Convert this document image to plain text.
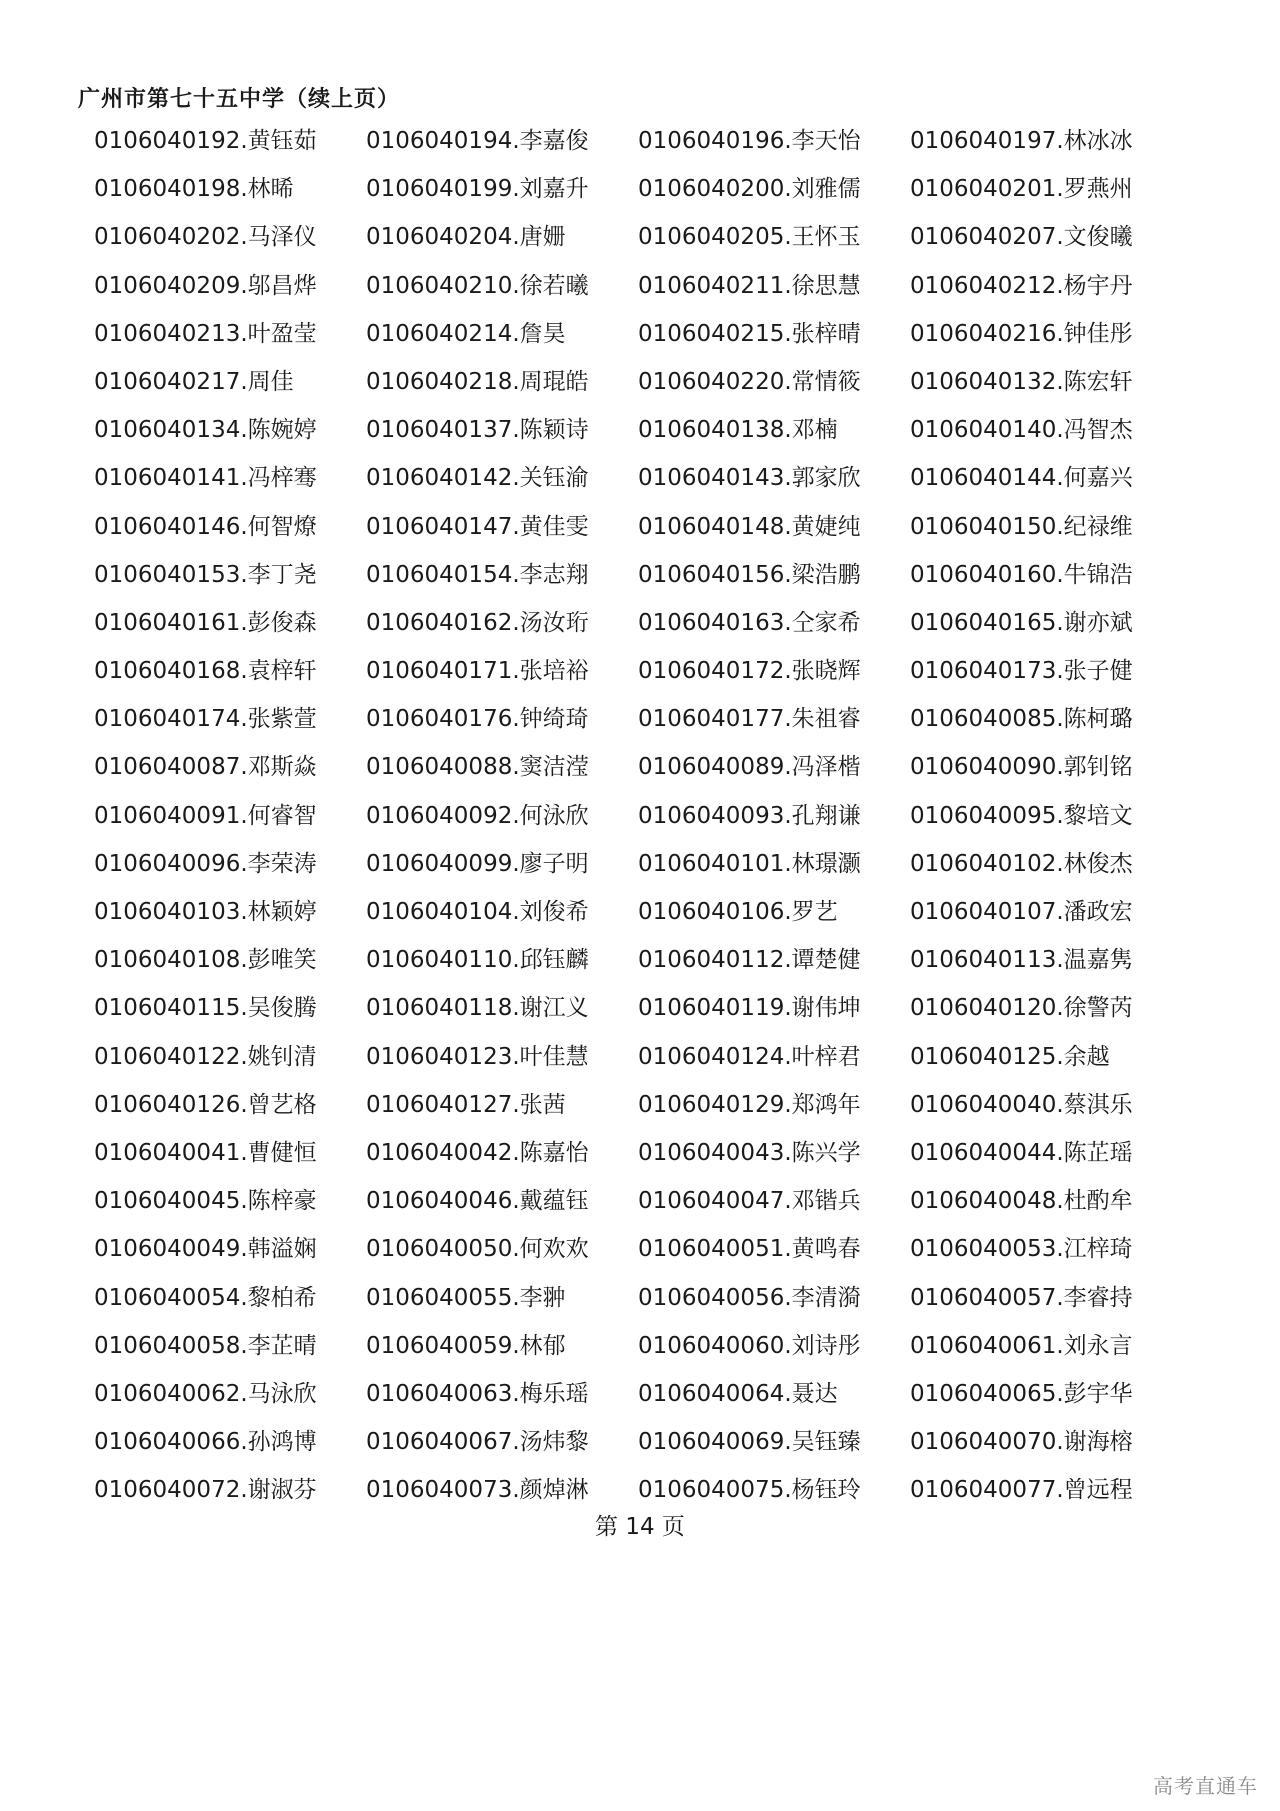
广州市第七十五中学（续上页）
0106040192.黄钰茹	0106040194.李嘉俊	0106040196.李天怡	0106040197.林冰冰
0106040198.林晞	0106040199.刘嘉升	0106040200.刘雅儒	0106040201.罗燕州
0106040202.马泽仪	0106040204.唐姗	0106040205.王怀玉	0106040207.文俊曦
0106040209.邬昌烨	0106040210.徐若曦	0106040211.徐思慧	0106040212.杨宇丹
0106040213.叶盈莹	0106040214.詹昊	0106040215.张梓晴	0106040216.钟佳彤
0106040217.周佳	0106040218.周琨皓	0106040220.常情筱	0106040132.陈宏轩
0106040134.陈婉婷	0106040137.陈颖诗	0106040138.邓楠	0106040140.冯智杰
0106040141.冯梓骞	0106040142.关钰渝	0106040143.郭家欣	0106040144.何嘉兴
0106040146.何智燎	0106040147.黄佳雯	0106040148.黄婕纯	0106040150.纪禄维
0106040153.李丁尧	0106040154.李志翔	0106040156.梁浩鹏	0106040160.牛锦浩
0106040161.彭俊森	0106040162.汤汝珩	0106040163.仝家希	0106040165.谢亦斌
0106040168.袁梓轩	0106040171.张培裕	0106040172.张晓辉	0106040173.张子健
0106040174.张紫萱	0106040176.钟绮琦	0106040177.朱祖睿	0106040085.陈柯璐
0106040087.邓斯焱	0106040088.窦洁滢	0106040089.冯泽楷	0106040090.郭钊铭
0106040091.何睿智	0106040092.何泳欣	0106040093.孔翔谦	0106040095.黎培文
0106040096.李荣涛	0106040099.廖子明	0106040101.林璟灏	0106040102.林俊杰
0106040103.林颖婷	0106040104.刘俊希	0106040106.罗艺	0106040107.潘政宏
0106040108.彭唯笑	0106040110.邱钰麟	0106040112.谭楚健	0106040113.温嘉隽
0106040115.吴俊腾	0106040118.谢江义	0106040119.谢伟坤	0106040120.徐警芮
0106040122.姚钊清	0106040123.叶佳慧	0106040124.叶梓君	0106040125.余越
0106040126.曾艺格	0106040127.张茜	0106040129.郑鸿年	0106040040.蔡淇乐
0106040041.曹健恒	0106040042.陈嘉怡	0106040043.陈兴学	0106040044.陈芷瑶
0106040045.陈梓豪	0106040046.戴蕴钰	0106040047.邓锴兵	0106040048.杜酌牟
0106040049.韩溢娴	0106040050.何欢欢	0106040051.黄鸣春	0106040053.江梓琦
0106040054.黎柏希	0106040055.李翀	0106040056.李清漪	0106040057.李睿持
0106040058.李芷晴	0106040059.林郁	0106040060.刘诗彤	0106040061.刘永言
0106040062.马泳欣	0106040063.梅乐瑶	0106040064.聂达	0106040065.彭宇华
0106040066.孙鸿博	0106040067.汤炜黎	0106040069.吴钰臻	0106040070.谢海榕
0106040072.谢淑芬	0106040073.颜焯淋	0106040075.杨钰玲	0106040077.曾远程
第 14 页
高考直通车
